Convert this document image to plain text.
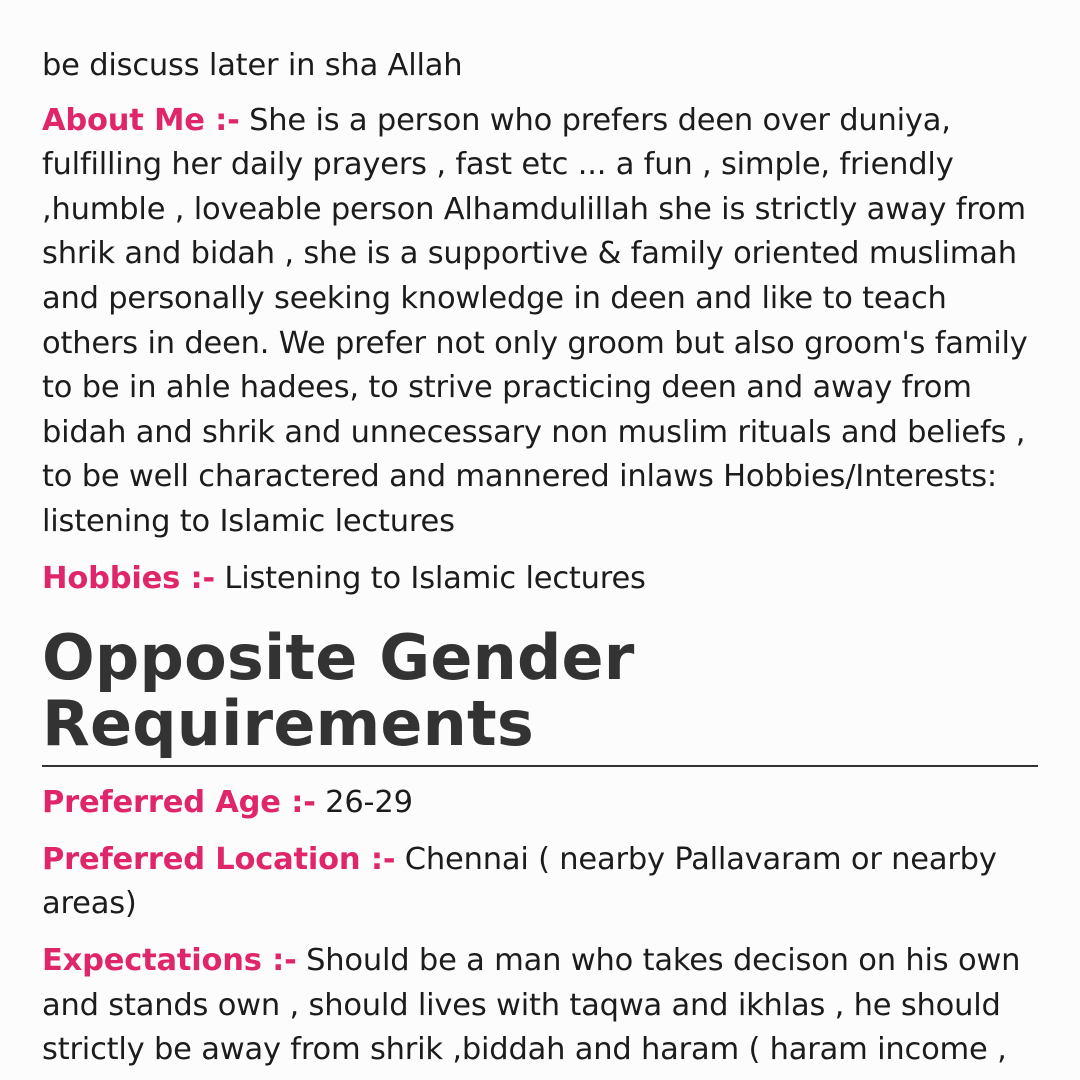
be discuss later in sha Allah

About Me :- She is a person who prefers deen over duniya, fulfilling her daily prayers , fast etc ... a fun , simple, friendly ,humble , loveable person Alhamdulillah she is strictly away from shrik and bidah , she is a supportive & family oriented muslimah and personally seeking knowledge in deen and like to teach others in deen. We prefer not only groom but also groom's family to be in ahle hadees, to strive practicing deen and away from bidah and shrik and unnecessary non muslim rituals and beliefs , to be well charactered and mannered inlaws Hobbies/Interests: listening to Islamic lectures

Hobbies :- Listening to Islamic lectures

Opposite Gender Requirements

Preferred Age :- 26-29

Preferred Location :- Chennai ( nearby Pallavaram or nearby areas)

Expectations :- Should be a man who takes decison on his own and stands own , should lives with taqwa and ikhlas , he should strictly be away from shrik ,biddah and haram ( haram income ,
